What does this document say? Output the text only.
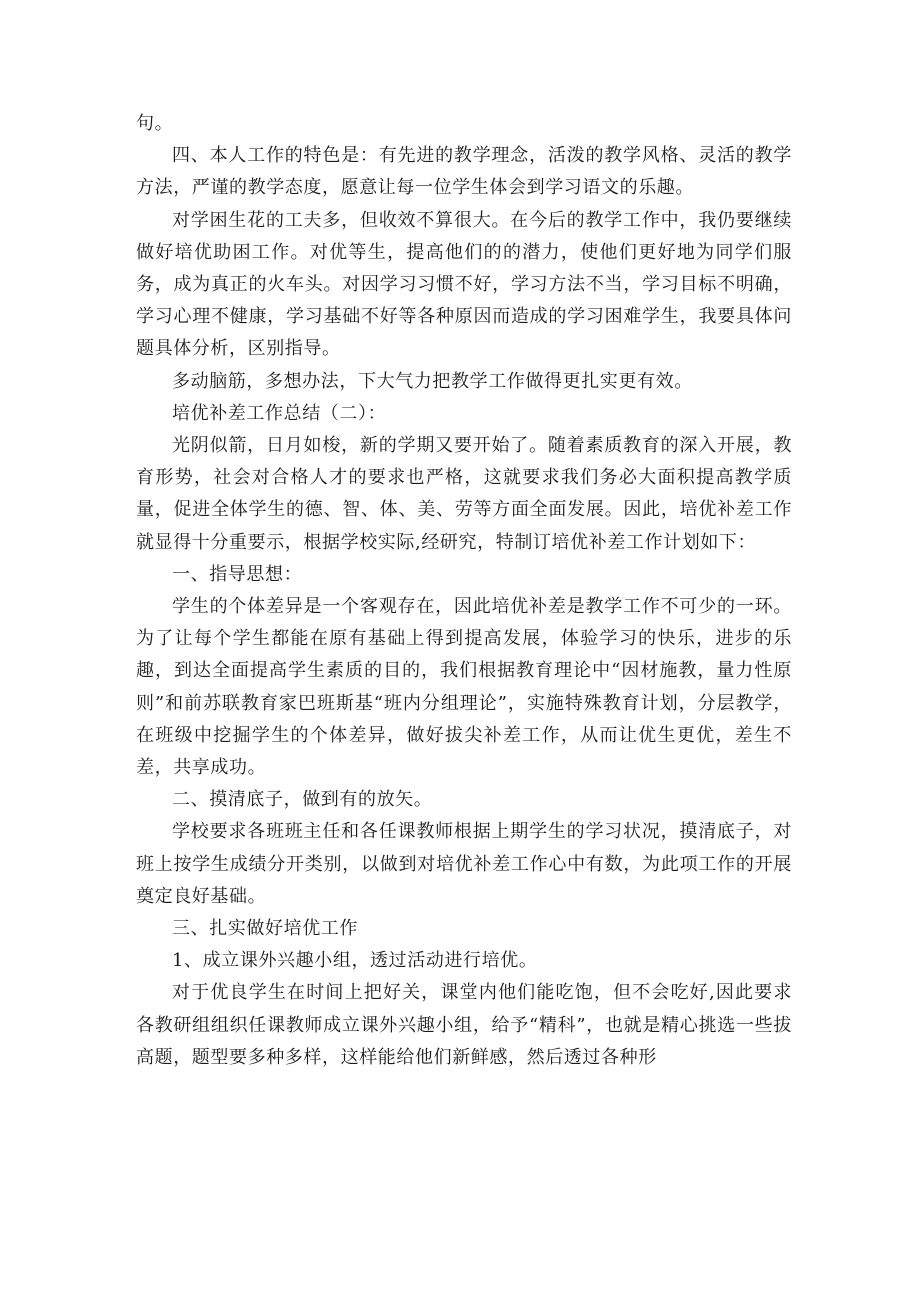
句。

四、本人工作的特色是：有先进的教学理念，活泼的教学风格、灵活的教学方法，严谨的教学态度，愿意让每一位学生体会到学习语文的乐趣。

对学困生花的工夫多，但收效不算很大。在今后的教学工作中，我仍要继续做好培优助困工作。对优等生，提高他们的的潜力，使他们更好地为同学们服务，成为真正的火车头。对因学习习惯不好，学习方法不当，学习目标不明确，学习心理不健康，学习基础不好等各种原因而造成的学习困难学生，我要具体问题具体分析，区别指导。

多动脑筋，多想办法，下大气力把教学工作做得更扎实更有效。

培优补差工作总结（二）：

光阴似箭，日月如梭，新的学期又要开始了。随着素质教育的深入开展，教育形势，社会对合格人才的要求也严格，这就要求我们务必大面积提高教学质量，促进全体学生的德、智、体、美、劳等方面全面发展。因此，培优补差工作就显得十分重要示，根据学校实际,经研究，特制订培优补差工作计划如下：

一、指导思想：

学生的个体差异是一个客观存在，因此培优补差是教学工作不可少的一环。为了让每个学生都能在原有基础上得到提高发展，体验学习的快乐，进步的乐趣，到达全面提高学生素质的目的，我们根据教育理论中“因材施教，量力性原则”和前苏联教育家巴班斯基“班内分组理论”，实施特殊教育计划，分层教学，在班级中挖掘学生的个体差异，做好拔尖补差工作，从而让优生更优，差生不差，共享成功。

二、摸清底子，做到有的放矢。

学校要求各班班主任和各任课教师根据上期学生的学习状况，摸清底子，对班上按学生成绩分开类别，以做到对培优补差工作心中有数，为此项工作的开展奠定良好基础。

三、扎实做好培优工作

1、成立课外兴趣小组，透过活动进行培优。

对于优良学生在时间上把好关，课堂内他们能吃饱，但不会吃好,因此要求各教研组组织任课教师成立课外兴趣小组，给予“精科”，也就是精心挑选一些拔高题，题型要多种多样，这样能给他们新鲜感，然后透过各种形
